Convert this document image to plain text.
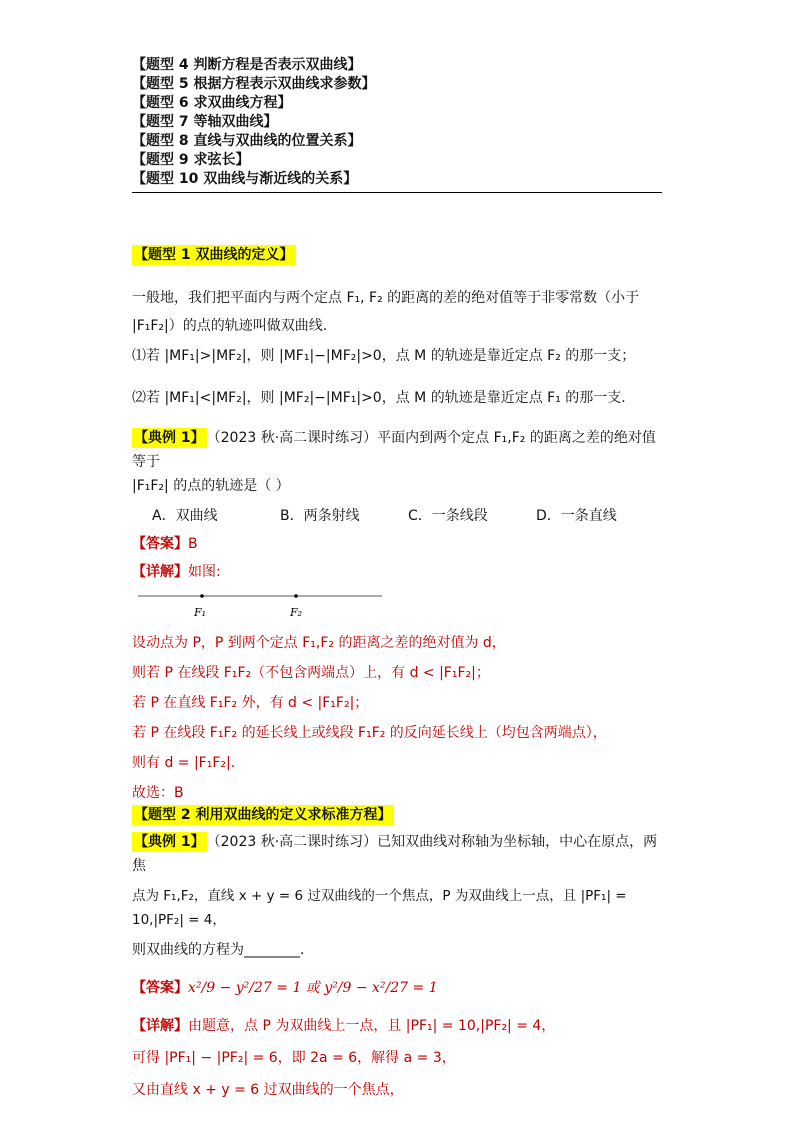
【题型 4 判断方程是否表示双曲线】
【题型 5 根据方程表示双曲线求参数】
【题型 6 求双曲线方程】
【题型 7 等轴双曲线】
【题型 8 直线与双曲线的位置关系】
【题型 9 求弦长】
【题型 10 双曲线与渐近线的关系】
【题型 1 双曲线的定义】

一般地，我们把平面内与两个定点 F₁, F₂ 的距离的差的绝对值等于非零常数（小于

|F₁F₂|）的点的轨迹叫做双曲线.

⑴若 |MF₁|>|MF₂|，则 |MF₁|−|MF₂|>0，点 M 的轨迹是靠近定点 F₂ 的那一支；

⑵若 |MF₁|<|MF₂|，则 |MF₂|−|MF₁|>0，点 M 的轨迹是靠近定点 F₁ 的那一支.

【典例 1】 （2023 秋·高二课时练习）平面内到两个定点 F₁,F₂ 的距离之差的绝对值等于

|F₁F₂| 的点的轨迹是（ ）

A．双曲线	B．两条射线	C．一条线段	D．一条直线

【答案】B

【详解】如图:

F₁	F₂

设动点为 P，P 到两个定点 F₁,F₂ 的距离之差的绝对值为 d，

则若 P 在线段 F₁F₂（不包含两端点）上，有 d < |F₁F₂|；

若 P 在直线 F₁F₂ 外，有 d < |F₁F₂|；

若 P 在线段 F₁F₂ 的延长线上或线段 F₁F₂ 的反向延长线上（均包含两端点），

则有 d = |F₁F₂|.

故选：B

【题型 2 利用双曲线的定义求标准方程】

【典例 1】 （2023 秋·高二课时练习）已知双曲线对称轴为坐标轴，中心在原点，两焦

点为 F₁,F₂，直线 x + y = 6 过双曲线的一个焦点，P 为双曲线上一点，且 |PF₁| = 10,|PF₂| = 4，

则双曲线的方程为________.

【答案】x²/9 − y²/27 = 1 或 y²/9 − x²/27 = 1

【详解】由题意，点 P 为双曲线上一点，且 |PF₁| = 10,|PF₂| = 4，

可得 |PF₁| − |PF₂| = 6，即 2a = 6，解得 a = 3，

又由直线 x + y = 6 过双曲线的一个焦点，
